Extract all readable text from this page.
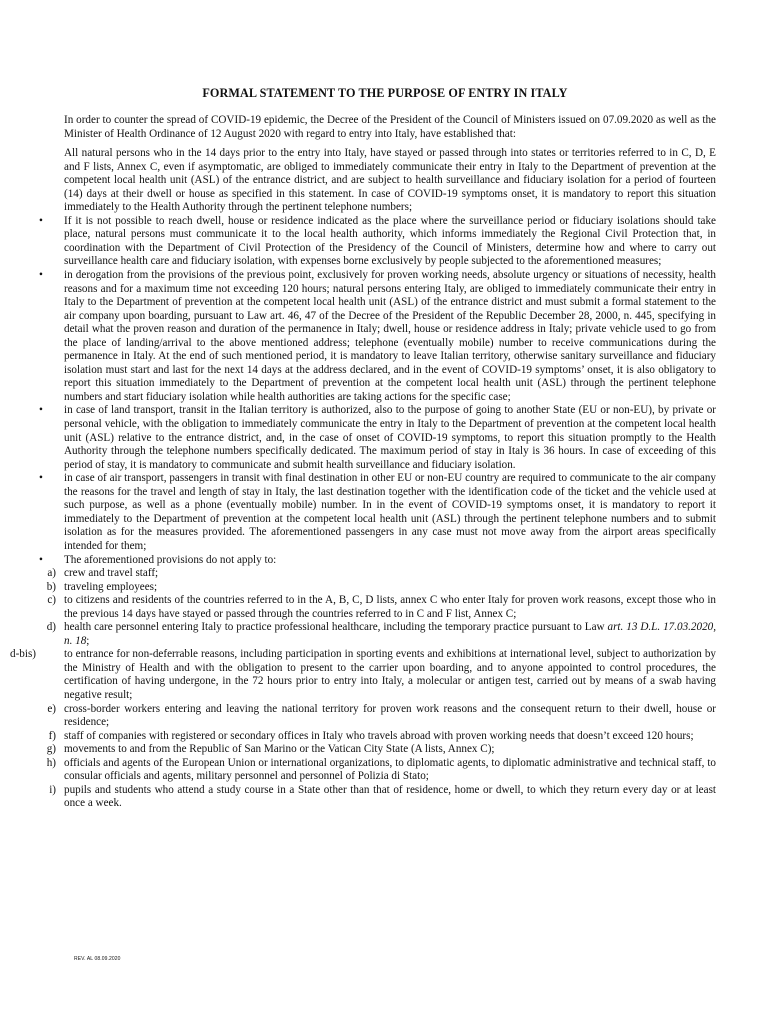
FORMAL STATEMENT TO THE PURPOSE OF ENTRY IN ITALY

In order to counter the spread of COVID-19 epidemic, the Decree of the President of the Council of Ministers issued on 07.09.2020 as well as the Minister of Health Ordinance of 12 August 2020 with regard to entry into Italy, have established that:

All natural persons who in the 14 days prior to the entry into Italy, have stayed or passed through into states or territories referred to in C, D, E and F lists, Annex C, even if asymptomatic, are obliged to immediately communicate their entry in Italy to the Department of prevention at the competent local health unit (ASL) of the entrance district, and are subject to health surveillance and fiduciary isolation for a period of fourteen (14) days at their dwell or house as specified in this statement. In case of COVID-19 symptoms onset, it is mandatory to report this situation immediately to the Health Authority through the pertinent telephone numbers;

•	If it is not possible to reach dwell, house or residence indicated as the place where the surveillance period or fiduciary isolations should take place, natural persons must communicate it to the local health authority, which informs immediately the Regional Civil Protection that, in coordination with the Department of Civil Protection of the Presidency of the Council of Ministers, determine how and where to carry out surveillance health care and fiduciary isolation, with expenses borne exclusively by people subjected to the aforementioned measures;
•	in derogation from the provisions of the previous point, exclusively for proven working needs, absolute urgency or situations of necessity, health reasons and for a maximum time not exceeding 120 hours; natural persons entering Italy, are obliged to immediately communicate their entry in Italy to the Department of prevention at the competent local health unit (ASL) of the entrance district and must submit a formal statement to the air company upon boarding, pursuant to Law art. 46, 47 of the Decree of the President of the Republic December 28, 2000, n. 445, specifying in detail what the proven reason and duration of the permanence in Italy; dwell, house or residence address in Italy; private vehicle used to go from the place of landing/arrival to the above mentioned address; telephone (eventually mobile) number to receive communications during the permanence in Italy. At the end of such mentioned period, it is mandatory to leave Italian territory, otherwise sanitary surveillance and fiduciary isolation must start and last for the next 14 days at the address declared, and in the event of COVID-19 symptoms’ onset, it is also obligatory to report this situation immediately to the Department of prevention at the competent local health unit (ASL) through the pertinent telephone numbers and start fiduciary isolation while health authorities are taking actions for the specific case;
•	in case of land transport, transit in the Italian territory is authorized, also to the purpose of going to another State (EU or non-EU), by private or personal vehicle, with the obligation to immediately communicate the entry in Italy to the Department of prevention at the competent local health unit (ASL) relative to the entrance district, and, in the case of onset of COVID-19 symptoms, to report this situation promptly to the Health Authority through the telephone numbers specifically dedicated. The maximum period of stay in Italy is 36 hours. In case of exceeding of this period of stay, it is mandatory to communicate and submit health surveillance and fiduciary isolation.
•	in case of air transport, passengers in transit with final destination in other EU or non-EU country are required to communicate to the air company the reasons for the travel and length of stay in Italy, the last destination together with the identification code of the ticket and the vehicle used at such purpose, as well as a phone (eventually mobile) number. In in the event of COVID-19 symptoms onset, it is mandatory to report it immediately to the Department of prevention at the competent local health unit (ASL) through the pertinent telephone numbers and to submit isolation as for the measures provided. The aforementioned passengers in any case must not move away from the airport areas specifically intended for them;
•	The aforementioned provisions do not apply to:
a) crew and travel staff;
b) traveling employees;
c) to citizens and residents of the countries referred to in the A, B, C, D lists, annex C who enter Italy for proven work reasons, except those who in the previous 14 days have stayed or passed through the countries referred to in C and F list, Annex C;
d) health care personnel entering Italy to practice professional healthcare, including the temporary practice pursuant to Law art. 13 D.L. 17.03.2020, n. 18;
d-bis)	to entrance for non-deferrable reasons, including participation in sporting events and exhibitions at international level, subject to authorization by the Ministry of Health and with the obligation to present to the carrier upon boarding, and to anyone appointed to control procedures, the certification of having undergone, in the 72 hours prior to entry into Italy, a molecular or antigen test, carried out by means of a swab having negative result;
e) cross-border workers entering and leaving the national territory for proven work reasons and the consequent return to their dwell, house or residence;
f) staff of companies with registered or secondary offices in Italy who travels abroad with proven working needs that doesn’t exceed 120 hours;
g) movements to and from the Republic of San Marino or the Vatican City State (A lists, Annex C);
h) officials and agents of the European Union or international organizations, to diplomatic agents, to diplomatic administrative and technical staff, to consular officials and agents, military personnel and personnel of Polizia di Stato;
i) pupils and students who attend a study course in a State other than that of residence, home or dwell, to which they return every day or at least once a week.
REV. AL 08.09.2020
